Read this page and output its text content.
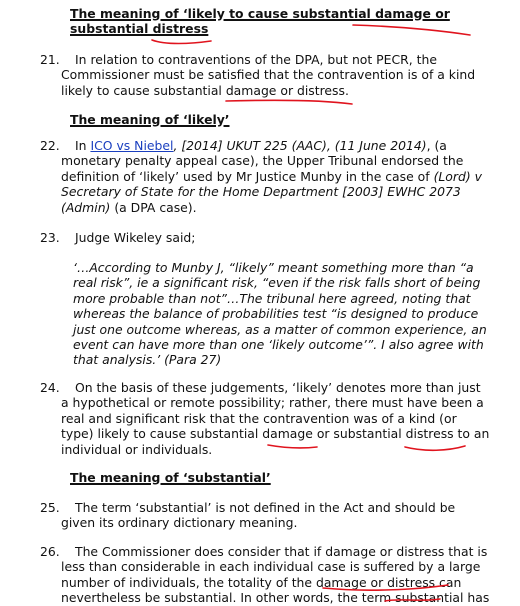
The meaning of ‘likely to cause substantial damage or
substantial distress
21.	In relation to contraventions of the DPA, but not PECR, the
Commissioner must be satisfied that the contravention is of a kind
likely to cause substantial damage or distress.
The meaning of ‘likely’
22.	In ICO vs Niebel, [2014] UKUT 225 (AAC), (11 June 2014), (a
monetary penalty appeal case), the Upper Tribunal endorsed the
definition of ‘likely’ used by Mr Justice Munby in the case of (Lord) v
Secretary of State for the Home Department [2003] EWHC 2073
(Admin) (a DPA case).
23.	Judge Wikeley said;
‘…According to Munby J, “likely” meant something more than “a
real risk”, ie a significant risk, “even if the risk falls short of being
more probable than not”…The tribunal here agreed, noting that
whereas the balance of probabilities test “is designed to produce
just one outcome whereas, as a matter of common experience, an
event can have more than one ‘likely outcome’”. I also agree with
that analysis.’ (Para 27)
24.	On the basis of these judgements, ‘likely’ denotes more than just
a hypothetical or remote possibility; rather, there must have been a
real and significant risk that the contravention was of a kind (or
type) likely to cause substantial damage or substantial distress to an
individual or individuals.
The meaning of ‘substantial’
25.	The term ‘substantial’ is not defined in the Act and should be
given its ordinary dictionary meaning.
26.	The Commissioner does consider that if damage or distress that is
less than considerable in each individual case is suffered by a large
number of individuals, the totality of the damage or distress can
nevertheless be substantial. In other words, the term substantial has
